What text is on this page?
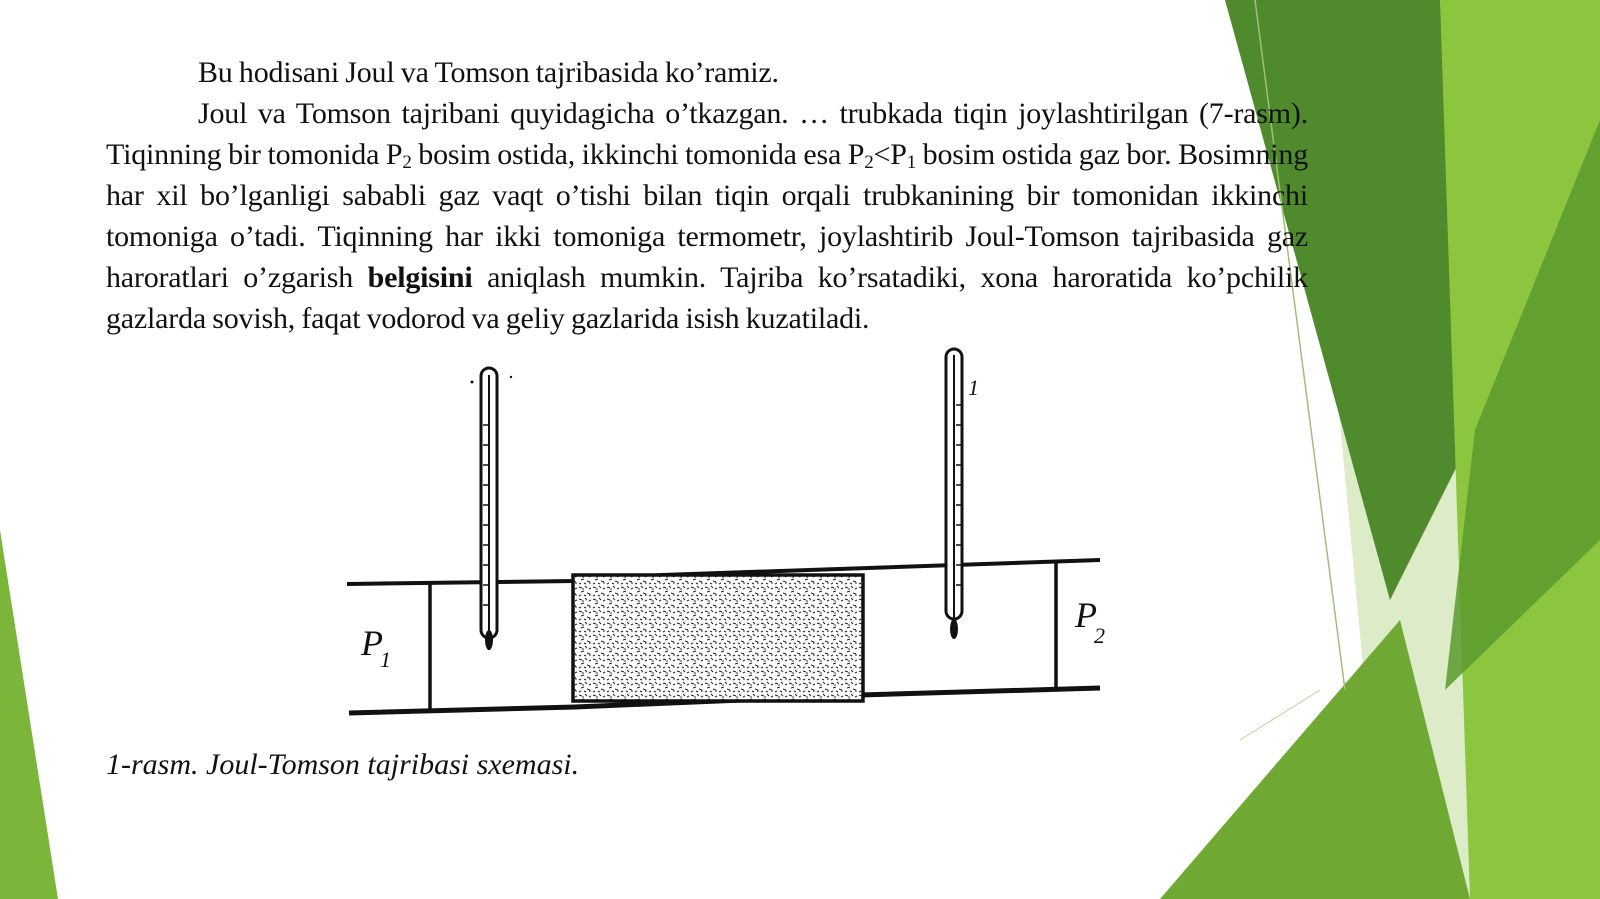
Bu hodisani Joul va Tomson tajribasida ko’ramiz.

Joul va Tomson tajribani quyidagicha o’tkazgan. … trubkada tiqin joylashtirilgan (7-rasm). Tiqinning bir tomonida $P_2$ bosim ostida, ikkinchi tomonida esa $P_2<P_1$ bosim ostida gaz bor. Bosimning har xil bo’lganligi sababli gaz vaqt o’tishi bilan tiqin orqali trubkanining bir tomonidan ikkinchi tomoniga o’tadi. Tiqinning har ikki tomoniga termometr, joylashtirib Joul-Tomson tajribasida gaz haroratlari o’zgarish belgisini aniqlash mumkin. Tajriba ko’rsatadiki, xona haroratida ko’pchilik gazlarda sovish, faqat vodorod va geliy gazlarida isish kuzatiladi.

1
P
1
P
2
1-rasm. Joul-Tomson tajribasi sxemasi.
